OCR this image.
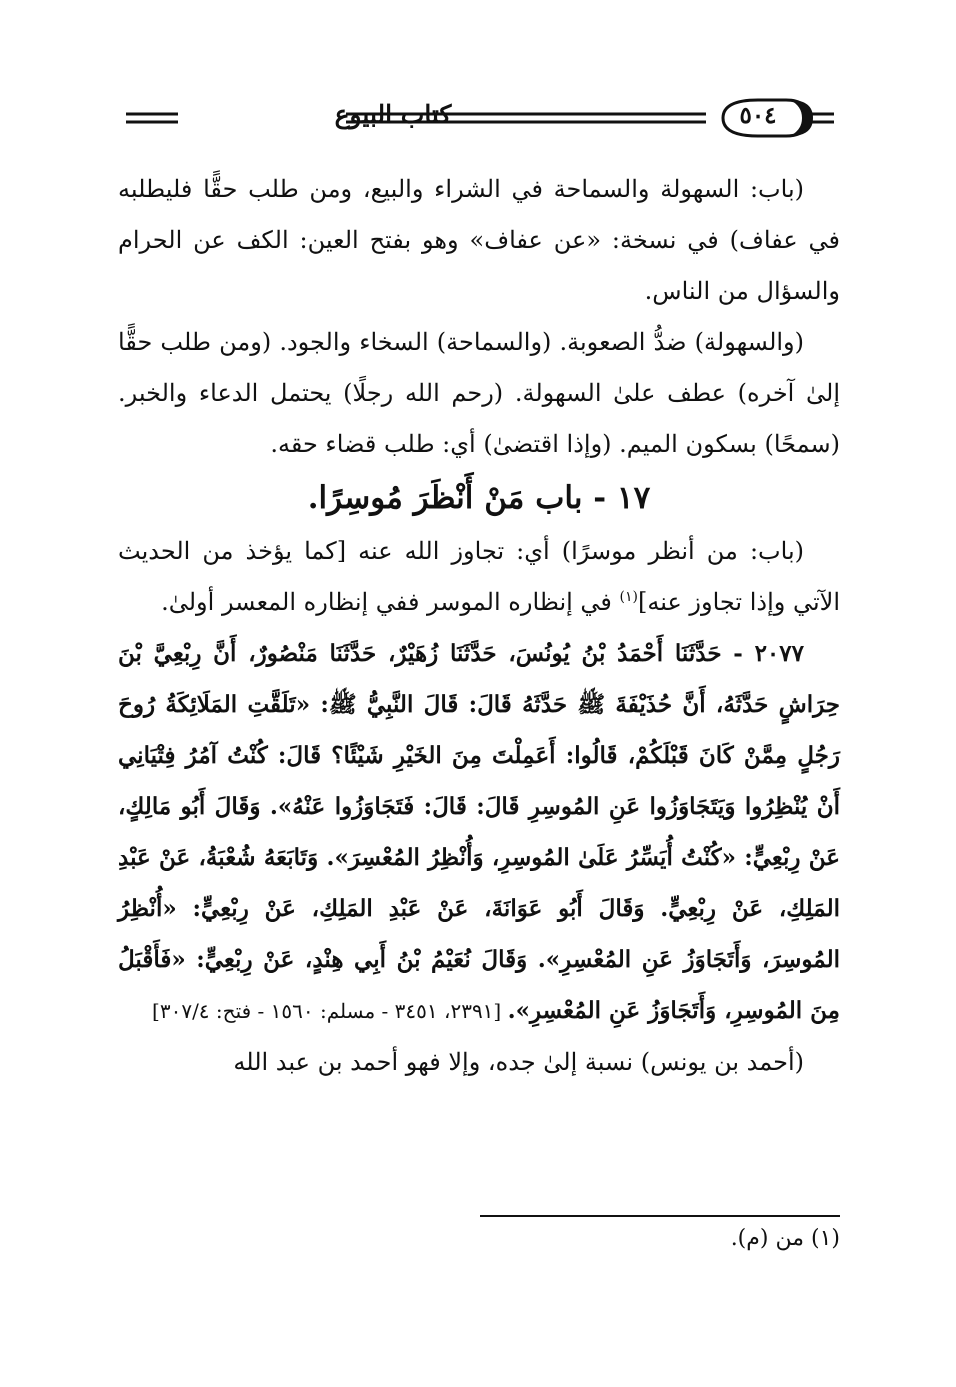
كتاب البيوع	٥٠٤

(باب: السهولة والسماحة في الشراء والبيع، ومن طلب حقًّا فليطلبه في عفاف) في نسخة: «عن عفاف» وهو بفتح العين: الكف عن الحرام والسؤال من الناس.

(والسهولة) ضدُّ الصعوبة. (والسماحة) السخاء والجود. (ومن طلب حقًّا إلىٰ آخره) عطف علىٰ السهولة. (رحم الله رجلًا) يحتمل الدعاء والخبر. (سمحًا) بسكون الميم. (وإذا اقتضىٰ) أي: طلب قضاء حقه.

١٧ - باب مَنْ أَنْظَرَ مُوسِرًا.

(باب: من أنظر موسرًا) أي: تجاوز الله عنه [كما يؤخذ من الحديث الآتي وإذا تجاوز عنه]$^{(١)}$ في إنظاره الموسر ففي إنظاره المعسر أولىٰ.

٢٠٧٧ - حَدَّثَنَا أَحْمَدُ بْنُ يُونُسَ، حَدَّثَنَا زُهَيْرٌ، حَدَّثَنَا مَنْصُورٌ، أَنَّ رِبْعِيَّ بْنَ حِرَاشٍ حَدَّثَهُ، أَنَّ حُذَيْفَةَ ﷺ حَدَّثَهُ قَالَ: قَالَ النَّبِيُّ ﷺ: «تَلَقَّتِ المَلَائِكَةُ رُوحَ رَجُلٍ مِمَّنْ كَانَ قَبْلَكُمْ، قَالُوا: أَعَمِلْتَ مِنَ الخَيْرِ شَيْئًا؟ قَالَ: كُنْتُ آمُرُ فِتْيَانِي أَنْ يُنْظِرُوا وَيَتَجَاوَزُوا عَنِ المُوسِرِ قَالَ: قَالَ: فَتَجَاوَزُوا عَنْهُ». وَقَالَ أَبُو مَالِكٍ، عَنْ رِبْعِيٍّ: «كُنْتُ أُيَسِّرُ عَلَىٰ المُوسِرِ، وَأُنْظِرُ المُعْسِرَ». وَتَابَعَهُ شُعْبَةُ، عَنْ عَبْدِ المَلِكِ، عَنْ رِبْعِيٍّ. وَقَالَ أَبُو عَوَانَةَ، عَنْ عَبْدِ المَلِكِ، عَنْ رِبْعِيٍّ: «أُنْظِرُ المُوسِرَ، وَأَتَجَاوَزُ عَنِ المُعْسِرِ». وَقَالَ نُعَيْمُ بْنُ أَبِي هِنْدٍ، عَنْ رِبْعِيٍّ: «فَأَقْبَلُ مِنَ المُوسِرِ، وَأَتَجَاوَزُ عَنِ المُعْسِرِ». [٢٣٩١، ٣٤٥١ - مسلم: ١٥٦٠ - فتح: ٣٠٧/٤]

(أحمد بن يونس) نسبة إلىٰ جده، وإلا فهو أحمد بن عبد الله

(١) من (م).
